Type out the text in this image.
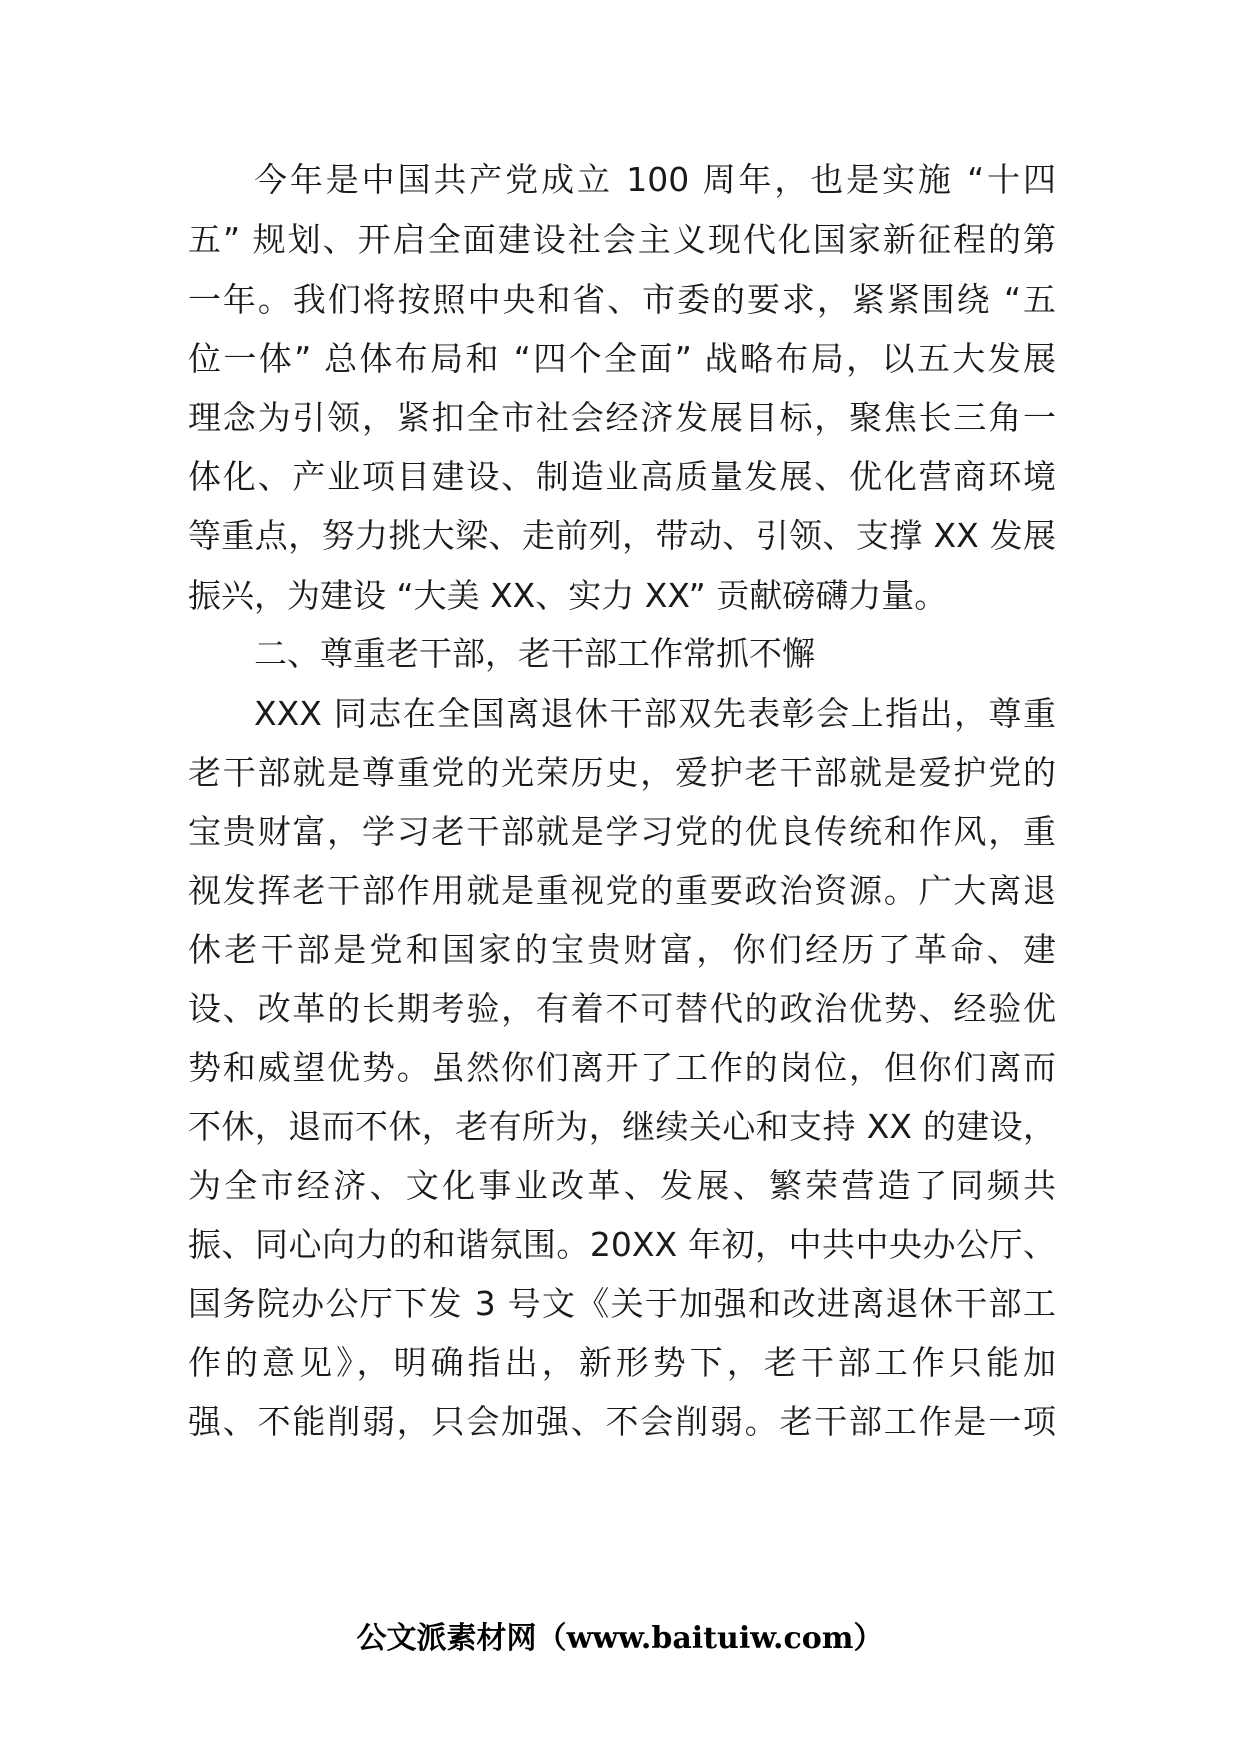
今年是中国共产党成立 100 周年，也是实施 “十四
五” 规划、开启全面建设社会主义现代化国家新征程的第
一年。我们将按照中央和省、市委的要求，紧紧围绕 “五
位一体” 总体布局和 “四个全面” 战略布局，以五大发展
理念为引领，紧扣全市社会经济发展目标，聚焦长三角一
体化、产业项目建设、制造业高质量发展、优化营商环境
等重点，努力挑大梁、走前列，带动、引领、支撑 XX 发展
振兴，为建设 “大美 XX、实力 XX” 贡献磅礴力量。
二、尊重老干部，老干部工作常抓不懈
XXX 同志在全国离退休干部双先表彰会上指出，尊重
老干部就是尊重党的光荣历史，爱护老干部就是爱护党的
宝贵财富，学习老干部就是学习党的优良传统和作风，重
视发挥老干部作用就是重视党的重要政治资源。广大离退
休老干部是党和国家的宝贵财富，你们经历了革命、建
设、改革的长期考验，有着不可替代的政治优势、经验优
势和威望优势。虽然你们离开了工作的岗位，但你们离而
不休，退而不休，老有所为，继续关心和支持 XX 的建设，
为全市经济、文化事业改革、发展、繁荣营造了同频共
振、同心向力的和谐氛围。20XX 年初，中共中央办公厅、
国务院办公厅下发 3 号文《关于加强和改进离退休干部工
作的意见》，明确指出，新形势下，老干部工作只能加
强、不能削弱，只会加强、不会削弱。老干部工作是一项
公文派素材网（www.baituiw.com）
